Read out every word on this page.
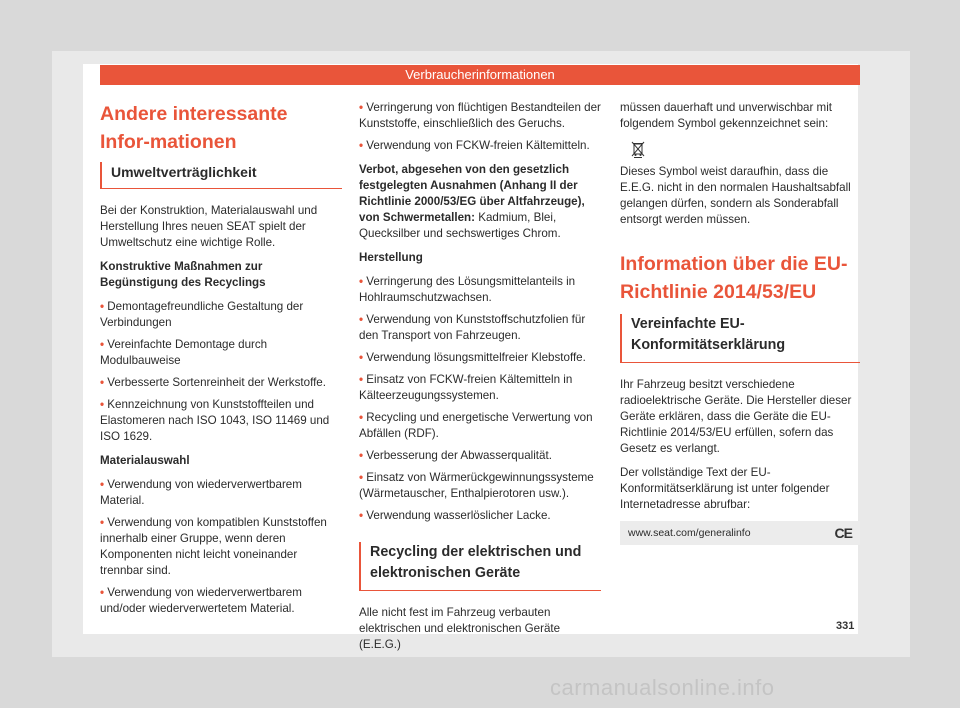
Verbraucherinformationen
Andere interessante Infor-mationen
Umweltverträglichkeit

Bei der Konstruktion, Materialauswahl und Herstellung Ihres neuen SEAT spielt der Umweltschutz eine wichtige Rolle.

Konstruktive Maßnahmen zur Begünstigung des Recyclings

• Demontagefreundliche Gestaltung der Verbindungen
• Vereinfachte Demontage durch Modulbauweise
• Verbesserte Sortenreinheit der Werkstoffe.
• Kennzeichnung von Kunststoffteilen und Elastomeren nach ISO 1043, ISO 11469 und ISO 1629.

Materialauswahl

• Verwendung von wiederverwertbarem Material.
• Verwendung von kompatiblen Kunststoffen innerhalb einer Gruppe, wenn deren Komponenten nicht leicht voneinander trennbar sind.
• Verwendung von wiederverwertbarem und/oder wiederverwertetem Material.
• Verringerung von flüchtigen Bestandteilen der Kunststoffe, einschließlich des Geruchs.
• Verwendung von FCKW-freien Kältemitteln.

Verbot, abgesehen von den gesetzlich festgelegten Ausnahmen (Anhang II der Richtlinie 2000/53/EG über Altfahrzeuge), von Schwermetallen: Kadmium, Blei, Quecksilber und sechswertiges Chrom.

Herstellung

• Verringerung des Lösungsmittelanteils in Hohlraumschutzwachsen.
• Verwendung von Kunststoffschutzfolien für den Transport von Fahrzeugen.
• Verwendung lösungsmittelfreier Klebstoffe.
• Einsatz von FCKW-freien Kältemitteln in Kälteerzeugungssystemen.
• Recycling und energetische Verwertung von Abfällen (RDF).
• Verbesserung der Abwasserqualität.
• Einsatz von Wärmerückgewinnungssysteme (Wärmetauscher, Enthalpierotoren usw.).
• Verwendung wasserlöslicher Lacke.
Recycling der elektrischen und elektronischen Geräte

Alle nicht fest im Fahrzeug verbauten elektrischen und elektronischen Geräte (E.E.G.)

müssen dauerhaft und unverwischbar mit folgendem Symbol gekennzeichnet sein:

Dieses Symbol weist daraufhin, dass die E.E.G. nicht in den normalen Haushaltsabfall gelangen dürfen, sondern als Sonderabfall entsorgt werden müssen.

Information über die EU-Richtlinie 2014/53/EU
Vereinfachte EU-Konformitätserklärung

Ihr Fahrzeug besitzt verschiedene radioelektrische Geräte. Die Hersteller dieser Geräte erklären, dass die Geräte die EU-Richtlinie 2014/53/EU erfüllen, sofern das Gesetz es verlangt.

Der vollständige Text der EU-Konformitätserklärung ist unter folgender Internetadresse abrufbar:

www.seat.com/generalinfo	CE
331
carmanualsonline.info
